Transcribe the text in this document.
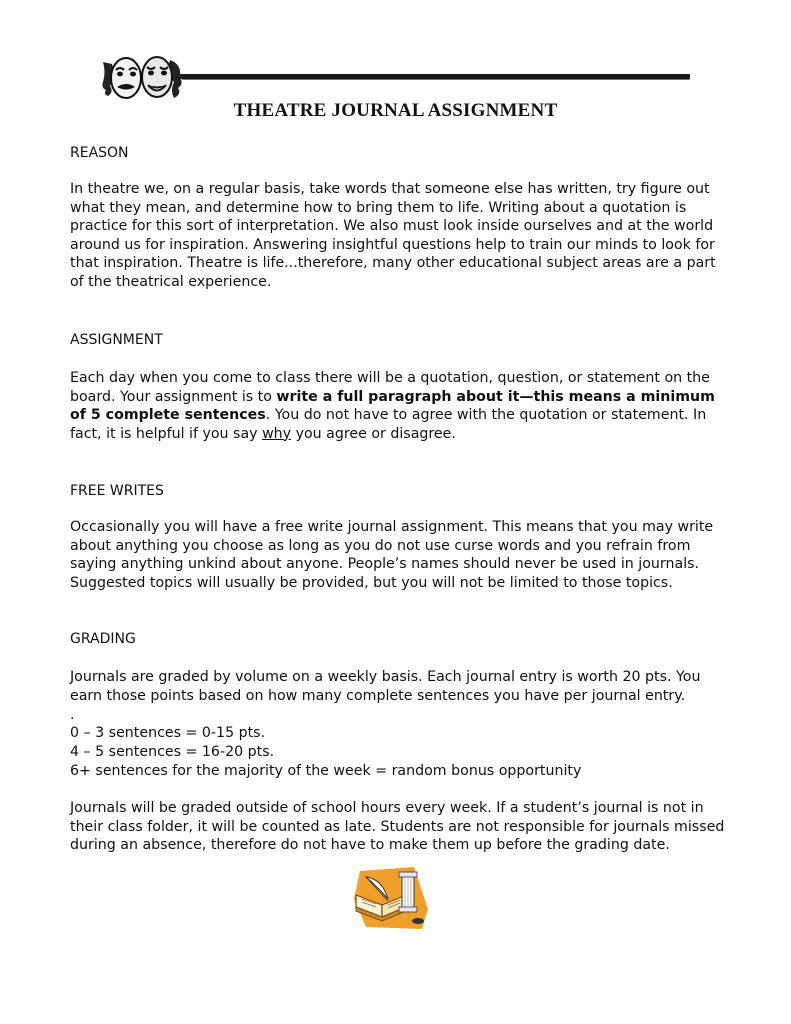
THEATRE JOURNAL ASSIGNMENT
REASON

In theatre we, on a regular basis, take words that someone else has written, try figure out what they mean, and determine how to bring them to life. Writing about a quotation is practice for this sort of interpretation. We also must look inside ourselves and at the world around us for inspiration. Answering insightful questions help to train our minds to look for that inspiration. Theatre is life...therefore, many other educational subject areas are a part of the theatrical experience.

ASSIGNMENT

Each day when you come to class there will be a quotation, question, or statement on the board. Your assignment is to write a full paragraph about it—this means a minimum of 5 complete sentences. You do not have to agree with the quotation or statement. In fact, it is helpful if you say why you agree or disagree.

FREE WRITES

Occasionally you will have a free write journal assignment. This means that you may write about anything you choose as long as you do not use curse words and you refrain from saying anything unkind about anyone. People’s names should never be used in journals. Suggested topics will usually be provided, but you will not be limited to those topics.

GRADING

Journals are graded by volume on a weekly basis. Each journal entry is worth 20 pts. You earn those points based on how many complete sentences you have per journal entry.

.
0 – 3 sentences = 0-15 pts.
4 – 5 sentences = 16-20 pts.
6+ sentences for the majority of the week = random bonus opportunity

Journals will be graded outside of school hours every week. If a student’s journal is not in their class folder, it will be counted as late. Students are not responsible for journals missed during an absence, therefore do not have to make them up before the grading date.
